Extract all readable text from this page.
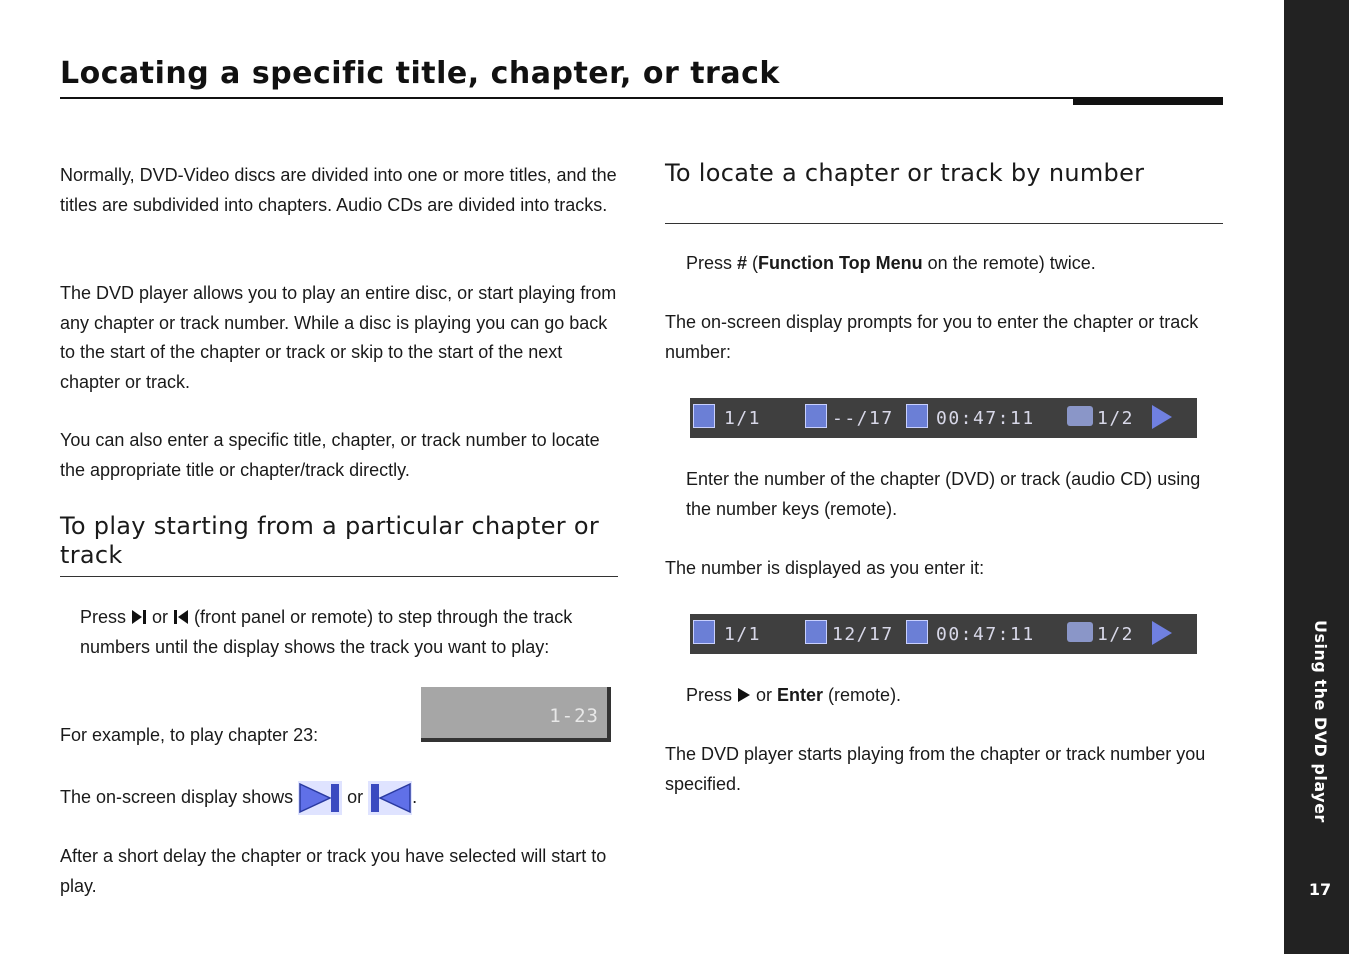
Locating a specific title, chapter, or track
Using the DVD player
17

Normally, DVD-Video discs are divided into one or more titles, and the titles are subdivided into chapters. Audio CDs are divided into tracks.

The DVD player allows you to play an entire disc, or start playing from any chapter or track number. While a disc is playing you can go back to the start of the chapter or track or skip to the start of the next chapter or track.

You can also enter a specific title, chapter, or track number to locate the appropriate title or chapter/track directly.

To play starting from a particular chapter or track

Press  or  (front panel or remote) to step through the track numbers until the display shows the track you want to play:

1-23

For example, to play chapter 23:

The on-screen display shows  or .

After a short delay the chapter or track you have selected will start to play.

To locate a chapter or track by number

Press # (Function Top Menu on the remote) twice.

The on-screen display prompts for you to enter the chapter or track number:

1/1	--/17 00:47:11	1/2

Enter the number of the chapter (DVD) or track (audio CD) using the number keys (remote).

The number is displayed as you enter it:

1/1	12/17 00:47:11	1/2

Press  or Enter (remote).

The DVD player starts playing from the chapter or track number you specified.
